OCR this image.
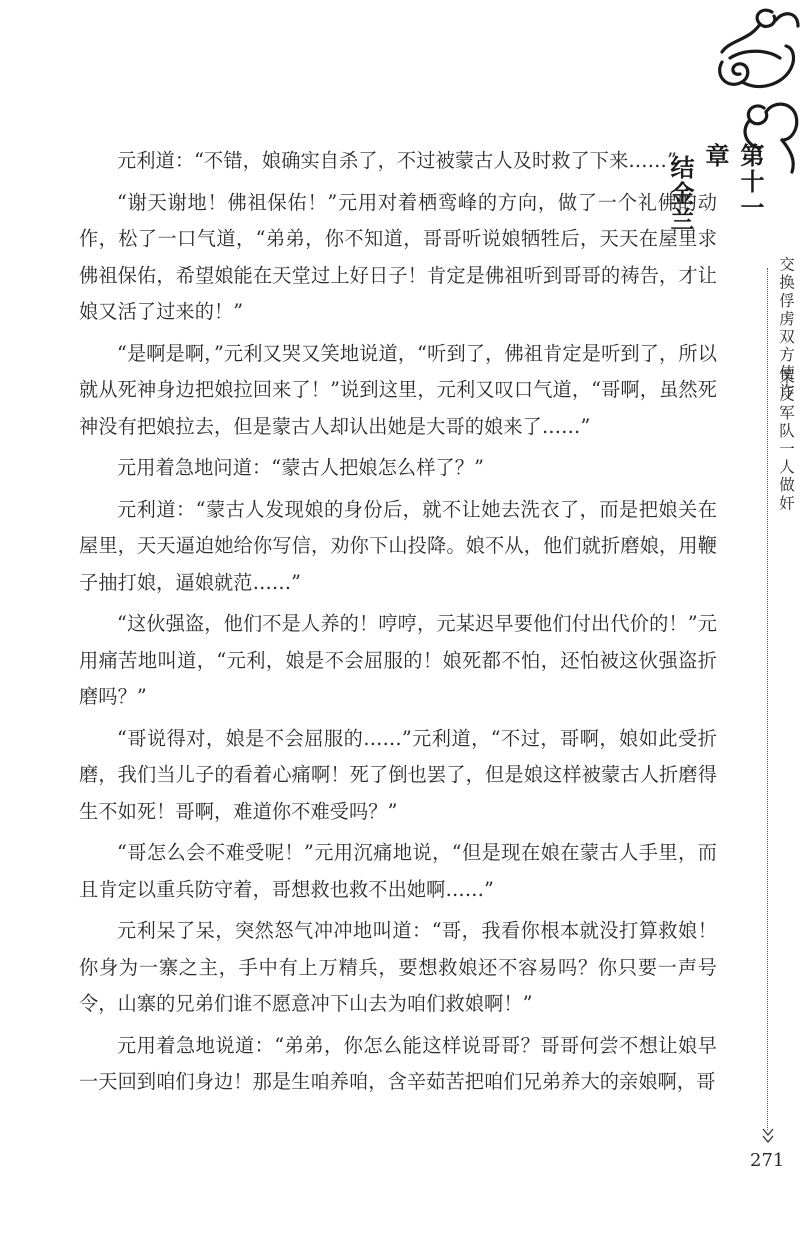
第十一章
结金兰
交换俘虏双方使诈
策反军队一人做奸
271

元利道：“不错，娘确实自杀了，不过被蒙古人及时救了下来……”

“谢天谢地！佛祖保佑！”元用对着栖鸾峰的方向，做了一个礼佛的动作，松了一口气道，“弟弟，你不知道，哥哥听说娘牺牲后，天天在屋里求佛祖保佑，希望娘能在天堂过上好日子！肯定是佛祖听到哥哥的祷告，才让娘又活了过来的！”

“是啊是啊，”元利又哭又笑地说道，“听到了，佛祖肯定是听到了，所以就从死神身边把娘拉回来了！”说到这里，元利又叹口气道，“哥啊，虽然死神没有把娘拉去，但是蒙古人却认出她是大哥的娘来了……”

元用着急地问道：“蒙古人把娘怎么样了？”

元利道：“蒙古人发现娘的身份后，就不让她去洗衣了，而是把娘关在屋里，天天逼迫她给你写信，劝你下山投降。娘不从，他们就折磨娘，用鞭子抽打娘，逼娘就范……”

“这伙强盗，他们不是人养的！哼哼，元某迟早要他们付出代价的！”元用痛苦地叫道，“元利，娘是不会屈服的！娘死都不怕，还怕被这伙强盗折磨吗？”

“哥说得对，娘是不会屈服的……”元利道，“不过，哥啊，娘如此受折磨，我们当儿子的看着心痛啊！死了倒也罢了，但是娘这样被蒙古人折磨得生不如死！哥啊，难道你不难受吗？”

“哥怎么会不难受呢！”元用沉痛地说，“但是现在娘在蒙古人手里，而且肯定以重兵防守着，哥想救也救不出她啊……”

元利呆了呆，突然怒气冲冲地叫道：“哥，我看你根本就没打算救娘！你身为一寨之主，手中有上万精兵，要想救娘还不容易吗？你只要一声号令，山寨的兄弟们谁不愿意冲下山去为咱们救娘啊！”

元用着急地说道：“弟弟，你怎么能这样说哥哥？哥哥何尝不想让娘早一天回到咱们身边！那是生咱养咱，含辛茹苦把咱们兄弟养大的亲娘啊，哥
